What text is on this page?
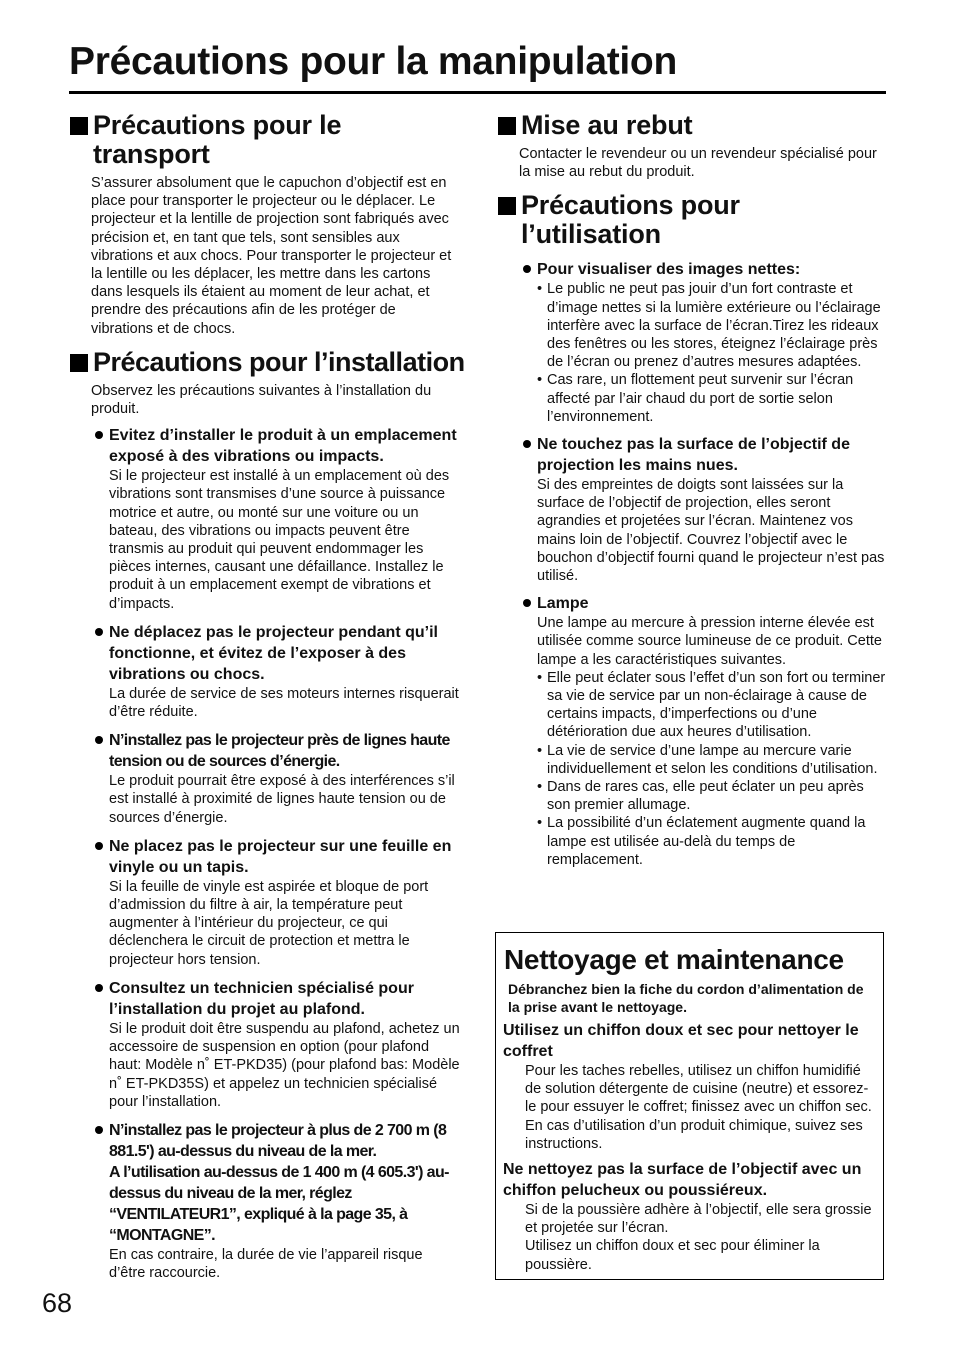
Précautions pour la manipulation
Précautions pour le transport

S’assurer absolument que le capuchon d’objectif est en place pour transporter le projecteur ou le déplacer. Le projecteur et la lentille de projection sont fabriqués avec précision et, en tant que tels, sont sensibles aux vibrations et aux chocs. Pour transporter le projecteur et la lentille ou les déplacer, les mettre dans les cartons dans lesquels ils étaient au moment de leur achat, et prendre des précautions afin de les protéger de vibrations et de chocs.

Précautions pour l’installation

Observez les précautions suivantes à l’installation du produit.

Evitez d’installer le produit à un emplacement exposé à des vibrations ou impacts.

Si le projecteur est installé à un emplacement où des vibrations sont transmises d’une source à puissance motrice et autre, ou monté sur une voiture ou un bateau, des vibrations ou impacts peuvent être transmis au produit qui peuvent endommager les pièces internes, causant une défaillance. Installez le produit à un emplacement exempt de vibrations et d’impacts.

Ne déplacez pas le projecteur pendant qu’il fonctionne, et évitez de l’exposer à des vibrations ou chocs.

La durée de service de ses moteurs internes risquerait d’être réduite.

N’installez pas le projecteur près de lignes haute tension ou de sources d’énergie.

Le produit pourrait être exposé à des interférences s’il est installé à proximité de lignes haute tension ou de sources d’énergie.

Ne placez pas le projecteur sur une feuille en vinyle ou un tapis.

Si la feuille de vinyle est aspirée et bloque de port d’admission du filtre à air, la température peut augmenter à l’intérieur du projecteur, ce qui déclenchera le circuit de protection et mettra le projecteur hors tension.

Consultez un technicien spécialisé pour l’installation du projet au plafond.

Si le produit doit être suspendu au plafond, achetez un accessoire de suspension en option (pour plafond haut: Modèle n˚ ET-PKD35) (pour plafond bas: Modèle n˚ ET-PKD35S) et appelez un technicien spécialisé pour l’installation.

N’installez pas le projecteur à plus de 2 700 m (8 881.5') au-dessus du niveau de la mer.
A l’utilisation au-dessus de 1 400 m (4 605.3') au-dessus du niveau de la mer, réglez “VENTILATEUR1”, expliqué à la page 35, à “MONTAGNE”.

En cas contraire, la durée de vie l’appareil risque d’être raccourcie.

Mise au rebut

Contacter le revendeur ou un revendeur spécialisé pour la mise au rebut du produit.

Précautions pour l’utilisation
Pour visualiser des images nettes:
• Le public ne peut pas jouir d’un fort contraste et d’image nettes si la lumière extérieure ou l’éclairage interfère avec la surface de l’écran.Tirez les rideaux des fenêtres ou les stores, éteignez l’éclairage près de l’écran ou prenez d’autres mesures adaptées.
• Cas rare, un flottement peut survenir sur l’écran affecté par l’air chaud du port de sortie selon l’environnement.
Ne touchez pas la surface de l’objectif de projection les mains nues.

Si des empreintes de doigts sont laissées sur la surface de l’objectif de projection, elles seront agrandies et projetées sur l’écran. Maintenez vos mains loin de l’objectif. Couvrez l’objectif avec le bouchon d’objectif fourni quand le projecteur n’est pas utilisé.

Lampe

Une lampe au mercure à pression interne élevée est utilisée comme source lumineuse de ce produit. Cette lampe a les caractéristiques suivantes.

• Elle peut éclater sous l’effet d’un son fort ou terminer sa vie de service par un non-éclairage à cause de certains impacts, d’imperfections ou d’une détérioration due aux heures d’utilisation.
• La vie de service d’une lampe au mercure varie individuellement et selon les conditions d’utilisation.
• Dans de rares cas, elle peut éclater un peu après son premier allumage.
• La possibilité d’un éclatement augmente quand la lampe est utilisée au-delà du temps de remplacement.
Nettoyage et maintenance
Débranchez bien la fiche du cordon d’alimentation de la prise avant le nettoyage.
Utilisez un chiffon doux et sec pour nettoyer le coffret

Pour les taches rebelles, utilisez un chiffon humidifié de solution détergente de cuisine (neutre) et essorez-le pour essuyer le coffret; finissez avec un chiffon sec. En cas d’utilisation d’un produit chimique, suivez ses instructions.

Ne nettoyez pas la surface de l’objectif avec un chiffon pelucheux ou poussiéreux.

Si de la poussière adhère à l’objectif, elle sera grossie et projetée sur l’écran.

Utilisez un chiffon doux et sec pour éliminer la poussière.

68
